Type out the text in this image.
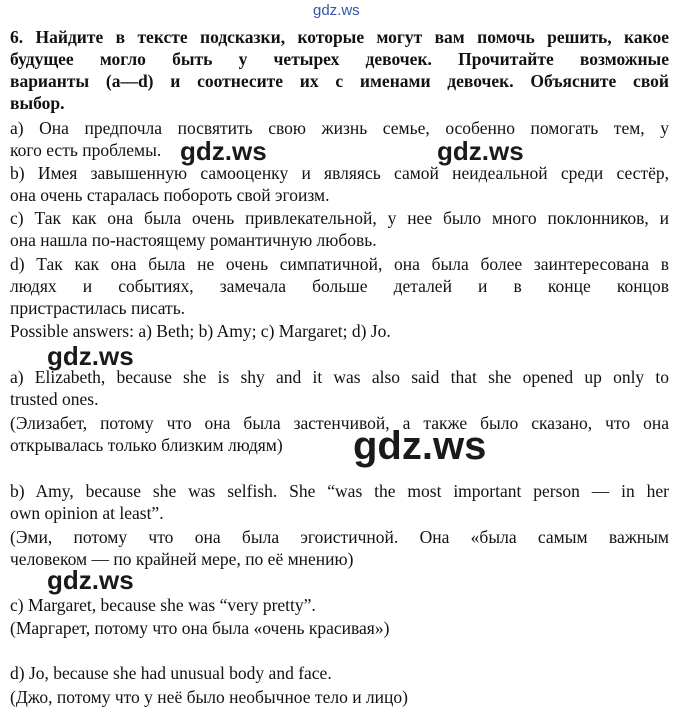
gdz.ws
6. Найдите в тексте подсказки, которые могут вам помочь решить, какое
будущее могло быть у четырех девочек. Прочитайте возможные
варианты (a—d) и соотнесите их с именами девочек. Объясните свой
выбор.
a) Она предпочла посвятить свою жизнь семье, особенно помогать тем, у
кого есть проблемы.
b) Имея завышенную самооценку и являясь самой неидеальной среди сестёр,
она очень старалась побороть свой эгоизм.
c) Так как она была очень привлекательной, у нее было много поклонников, и
она нашла по-настоящему романтичную любовь.
d) Так как она была не очень симпатичной, она была более заинтересована в
людях и событиях, замечала больше деталей и в конце концов
пристрастилась писать.
Possible answers: a) Beth; b) Amy; c) Margaret; d) Jo.
a) Elizabeth, because she is shy and it was also said that she opened up only to
trusted ones.
(Элизабет, потому что она была застенчивой, а также было сказано, что она
открывалась только близким людям)
b) Amy, because she was selfish. She “was the most important person — in her
own opinion at least”.
(Эми, потому что она была эгоистичной. Она «была самым важным
человеком — по крайней мере, по её мнению)
c) Margaret, because she was “very pretty”.
(Маргарет, потому что она была «очень красивая»)
d) Jo, because she had unusual body and face.
(Джо, потому что у неё было необычное тело и лицо)
gdz.ws	gdz.ws
gdz.ws
gdz.ws
gdz.ws
